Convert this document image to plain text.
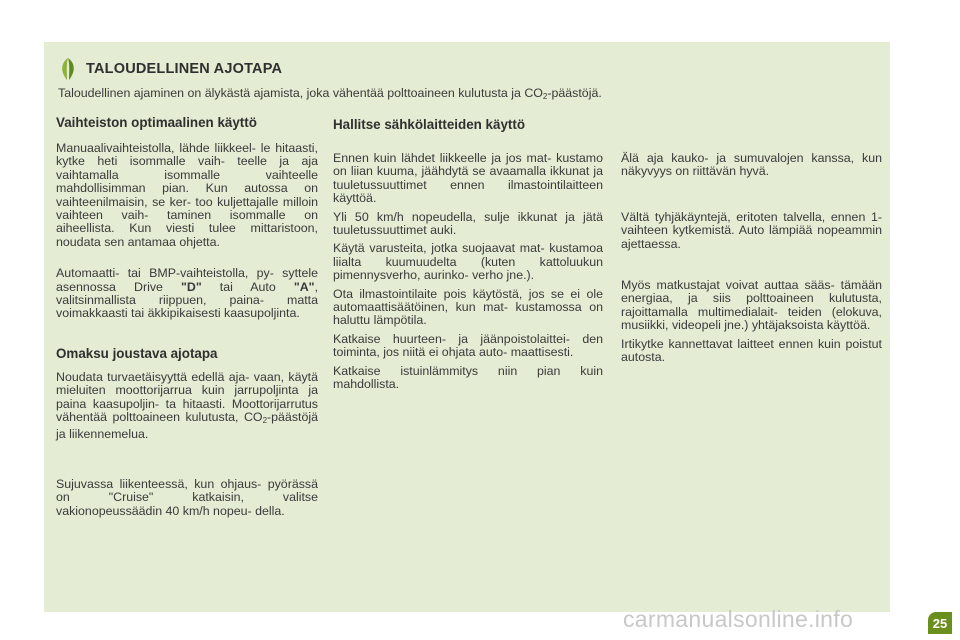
TALOUDELLINEN AJOTAPA
Taloudellinen ajaminen on älykästä ajamista, joka vähentää polttoaineen kulutusta ja $CO_2$-päästöjä.
Vaihteiston optimaalinen käyttö

Manuaalivaihteistolla, lähde liikkeel- le hitaasti, kytke heti isommalle vaih- teelle ja aja vaihtamalla isommalle vaihteelle mahdollisimman pian. Kun autossa on vaihteenilmaisin, se ker- too kuljettajalle milloin vaihteen vaih- taminen isommalle on aiheellista. Kun viesti tulee mittaristoon, noudata sen antamaa ohjetta.

Automaatti- tai BMP-vaihteistolla, py- syttele asennossa Drive "D" tai Auto "A", valitsinmallista riippuen, paina- matta voimakkaasti tai äkkipikaisesti kaasupoljinta.

Omaksu joustava ajotapa

Noudata turvaetäisyyttä edellä aja- vaan, käytä mieluiten moottorijarrua kuin jarrupoljinta ja paina kaasupoljin- ta hitaasti. Moottorijarrutus vähentää polttoaineen kulutusta, $CO_2$-päästöjä ja liikennemelua.

Sujuvassa liikenteessä, kun ohjaus- pyörässä on "Cruise" katkaisin, valitse vakionopeussäädin 40 km/h nopeu- della.

Hallitse sähkölaitteiden käyttö

Ennen kuin lähdet liikkeelle ja jos mat- kustamo on liian kuuma, jäähdytä se avaamalla ikkunat ja tuuletussuuttimet ennen ilmastointilaitteen käyttöä.

Yli 50 km/h nopeudella, sulje ikkunat ja jätä tuuletussuuttimet auki.

Käytä varusteita, jotka suojaavat mat- kustamoa liialta kuumuudelta (kuten kattoluukun pimennysverho, aurinko- verho jne.).

Ota ilmastointilaite pois käytöstä, jos se ei ole automaattisäätöinen, kun mat- kustamossa on haluttu lämpötila.

Katkaise huurteen- ja jäänpoistolaittei- den toiminta, jos niitä ei ohjata auto- maattisesti.

Katkaise istuinlämmitys niin pian kuin mahdollista.

Älä aja kauko- ja sumuvalojen kanssa, kun näkyvyys on riittävän hyvä.

Vältä tyhjäkäyntejä, eritoten talvella, ennen 1-vaihteen kytkemistä. Auto lämpiää nopeammin ajettaessa.

Myös matkustajat voivat auttaa sääs- tämään energiaa, ja siis polttoaineen kulutusta, rajoittamalla multimedialait- teiden (elokuva, musiikki, videopeli jne.) yhtäjaksoista käyttöä.

Irtikytke kannettavat laitteet ennen kuin poistut autosta.

carmanualsonline.info	25
